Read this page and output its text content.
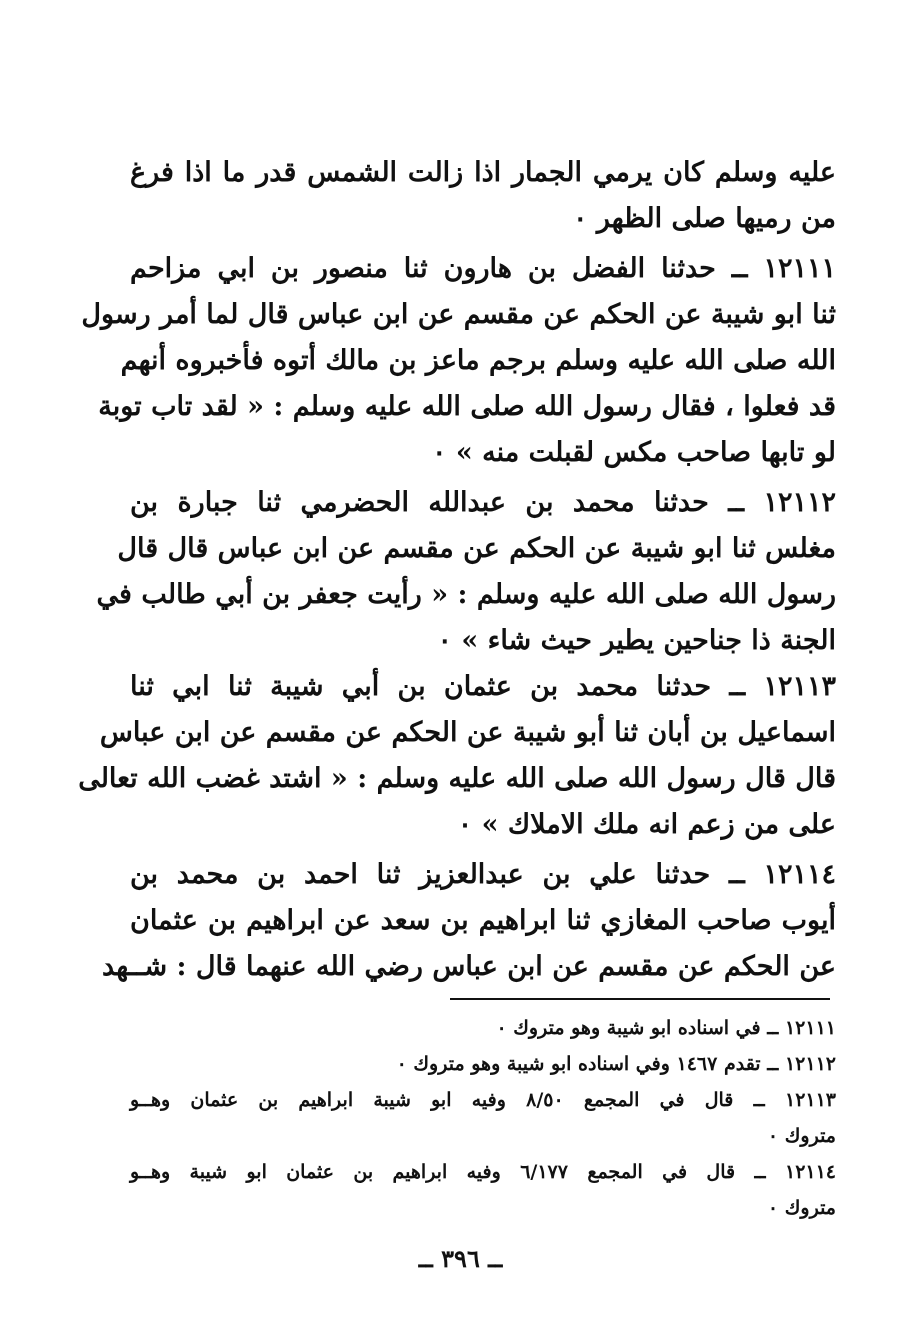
عليه وسلم كان يرمي الجمار اذا زالت الشمس قدر ما اذا فرغ
من رميها صلى الظهر ٠
١٢١١١ ــ حدثنا الفضل بن هارون ثنا منصور بن ابي مزاحم
ثنا ابو شيبة عن الحكم عن مقسم عن ابن عباس قال لما أمر رسول
الله صلى الله عليه وسلم برجم ماعز بن مالك أتوه فأخبروه أنهم
قد فعلوا ، فقال رسول الله صلى الله عليه وسلم : « لقد تاب توبة
لو تابها صاحب مكس لقبلت منه » ٠
١٢١١٢ ــ حدثنا محمد بن عبدالله الحضرمي ثنا جبارة بن
مغلس ثنا ابو شيبة عن الحكم عن مقسم عن ابن عباس قال قال
رسول الله صلى الله عليه وسلم : « رأيت جعفر بن أبي طالب في
الجنة ذا جناحين يطير حيث شاء » ٠
١٢١١٣ ــ حدثنا محمد بن عثمان بن أبي شيبة ثنا ابي ثنا
اسماعيل بن أبان ثنا أبو شيبة عن الحكم عن مقسم عن ابن عباس
قال قال رسول الله صلى الله عليه وسلم : « اشتد غضب الله تعالى
على من زعم انه ملك الاملاك » ٠
١٢١١٤ ــ حدثنا علي بن عبدالعزيز ثنا احمد بن محمد بن
أيوب صاحب المغازي ثنا ابراهيم بن سعد عن ابراهيم بن عثمان
عن الحكم عن مقسم عن ابن عباس رضي الله عنهما قال : شــهد
١٢١١١ ــ في اسناده ابو شيبة وهو متروك ٠
١٢١١٢ ــ تقدم ١٤٦٧ وفي اسناده ابو شيبة وهو متروك ٠
١٢١١٣ ــ قال في المجمع ٨/٥٠ وفيه ابو شيبة ابراهيم بن عثمان وهــو
متروك ٠
١٢١١٤ ــ قال في المجمع ٦/١٧٧ وفيه ابراهيم بن عثمان ابو شيبة وهــو
متروك ٠
ــ ٣٩٦ ــ
